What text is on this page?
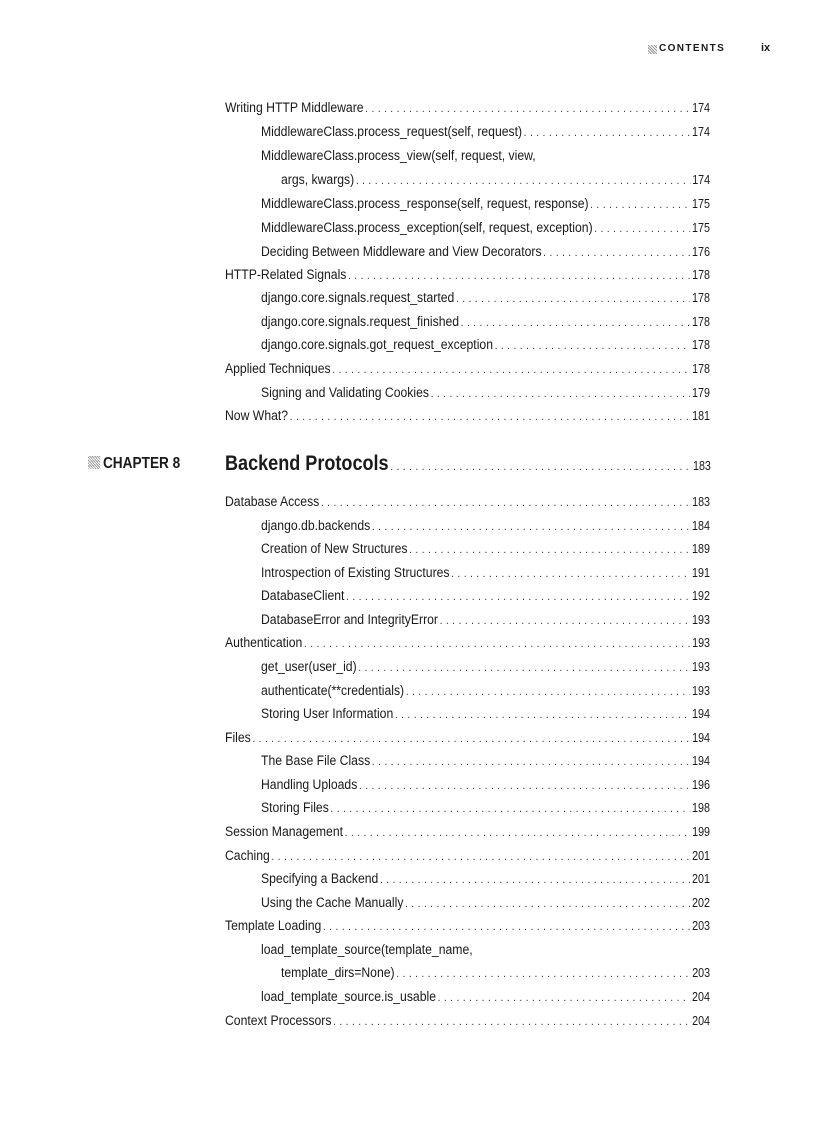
CONTENTS	ix
Writing HTTP Middleware . . .	174
MiddlewareClass.process_request(self, request) . . .	174
MiddlewareClass.process_view(self, request, view,
args, kwargs) . . .	174
MiddlewareClass.process_response(self, request, response) . . .	175
MiddlewareClass.process_exception(self, request, exception) . . .	175
Deciding Between Middleware and View Decorators . . .	176
HTTP-Related Signals . . .	178
django.core.signals.request_started . . .	178
django.core.signals.request_finished . . .	178
django.core.signals.got_request_exception . . .	178
Applied Techniques . . .	178
Signing and Validating Cookies . . .	179
Now What? . . .	181
CHAPTER 8 Backend Protocols . . .	183
Database Access . . .	183
django.db.backends . . .	184
Creation of New Structures . . .	189
Introspection of Existing Structures . . .	191
DatabaseClient . . .	192
DatabaseError and IntegrityError . . .	193
Authentication . . .	193
get_user(user_id) . . .	193
authenticate(**credentials) . . .	193
Storing User Information . . .	194
Files . . .	194
The Base File Class . . .	194
Handling Uploads . . .	196
Storing Files . . .	198
Session Management . . .	199
Caching . . .	201
Specifying a Backend . . .	201
Using the Cache Manually . . .	202
Template Loading . . .	203
load_template_source(template_name,
template_dirs=None) . . .	203
load_template_source.is_usable . . .	204
Context Processors . . .	204
